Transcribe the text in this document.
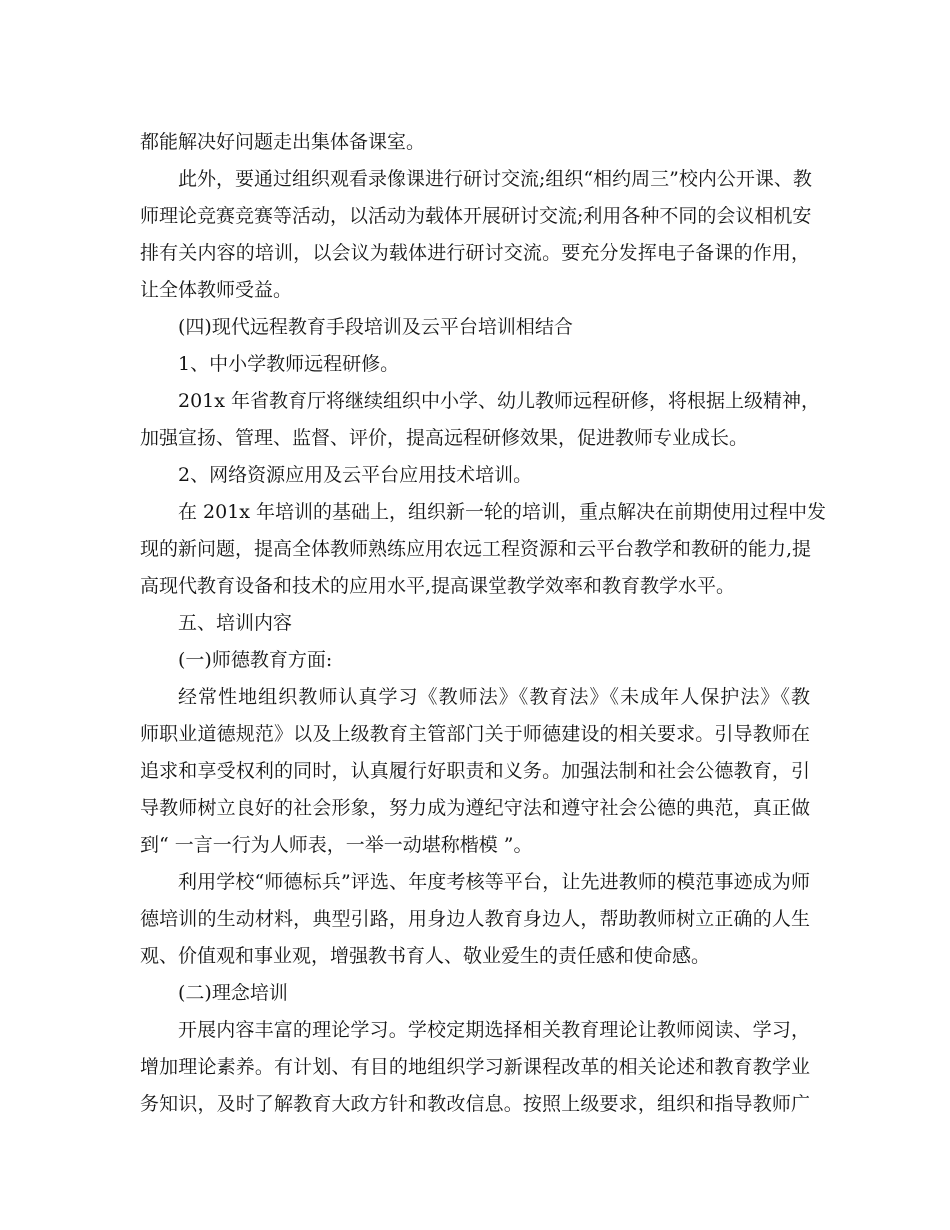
都能解决好问题走出集体备课室。
此外，要通过组织观看录像课进行研讨交流;组织“相约周三”校内公开课、教
师理论竞赛竞赛等活动，以活动为载体开展研讨交流;利用各种不同的会议相机安
排有关内容的培训，以会议为载体进行研讨交流。要充分发挥电子备课的作用，
让全体教师受益。
(四)现代远程教育手段培训及云平台培训相结合
1、中小学教师远程研修。
201x 年省教育厅将继续组织中小学、幼儿教师远程研修，将根据上级精神，
加强宣扬、管理、监督、评价，提高远程研修效果，促进教师专业成长。
2、网络资源应用及云平台应用技术培训。
在 201x 年培训的基础上，组织新一轮的培训，重点解决在前期使用过程中发
现的新问题，提高全体教师熟练应用农远工程资源和云平台教学和教研的能力,提
高现代教育设备和技术的应用水平,提高课堂教学效率和教育教学水平。
五、培训内容
(一)师德教育方面:
经常性地组织教师认真学习《教师法》《教育法》《未成年人保护法》《教
师职业道德规范》以及上级教育主管部门关于师德建设的相关要求。引导教师在
追求和享受权利的同时，认真履行好职责和义务。加强法制和社会公德教育，引
导教师树立良好的社会形象，努力成为遵纪守法和遵守社会公德的典范，真正做
到“ 一言一行为人师表，一举一动堪称楷模 ”。
利用学校“师德标兵”评选、年度考核等平台，让先进教师的模范事迹成为师
德培训的生动材料，典型引路，用身边人教育身边人，帮助教师树立正确的人生
观、价值观和事业观，增强教书育人、敬业爱生的责任感和使命感。
(二)理念培训
开展内容丰富的理论学习。学校定期选择相关教育理论让教师阅读、学习，
增加理论素养。有计划、有目的地组织学习新课程改革的相关论述和教育教学业
务知识，及时了解教育大政方针和教改信息。按照上级要求，组织和指导教师广
